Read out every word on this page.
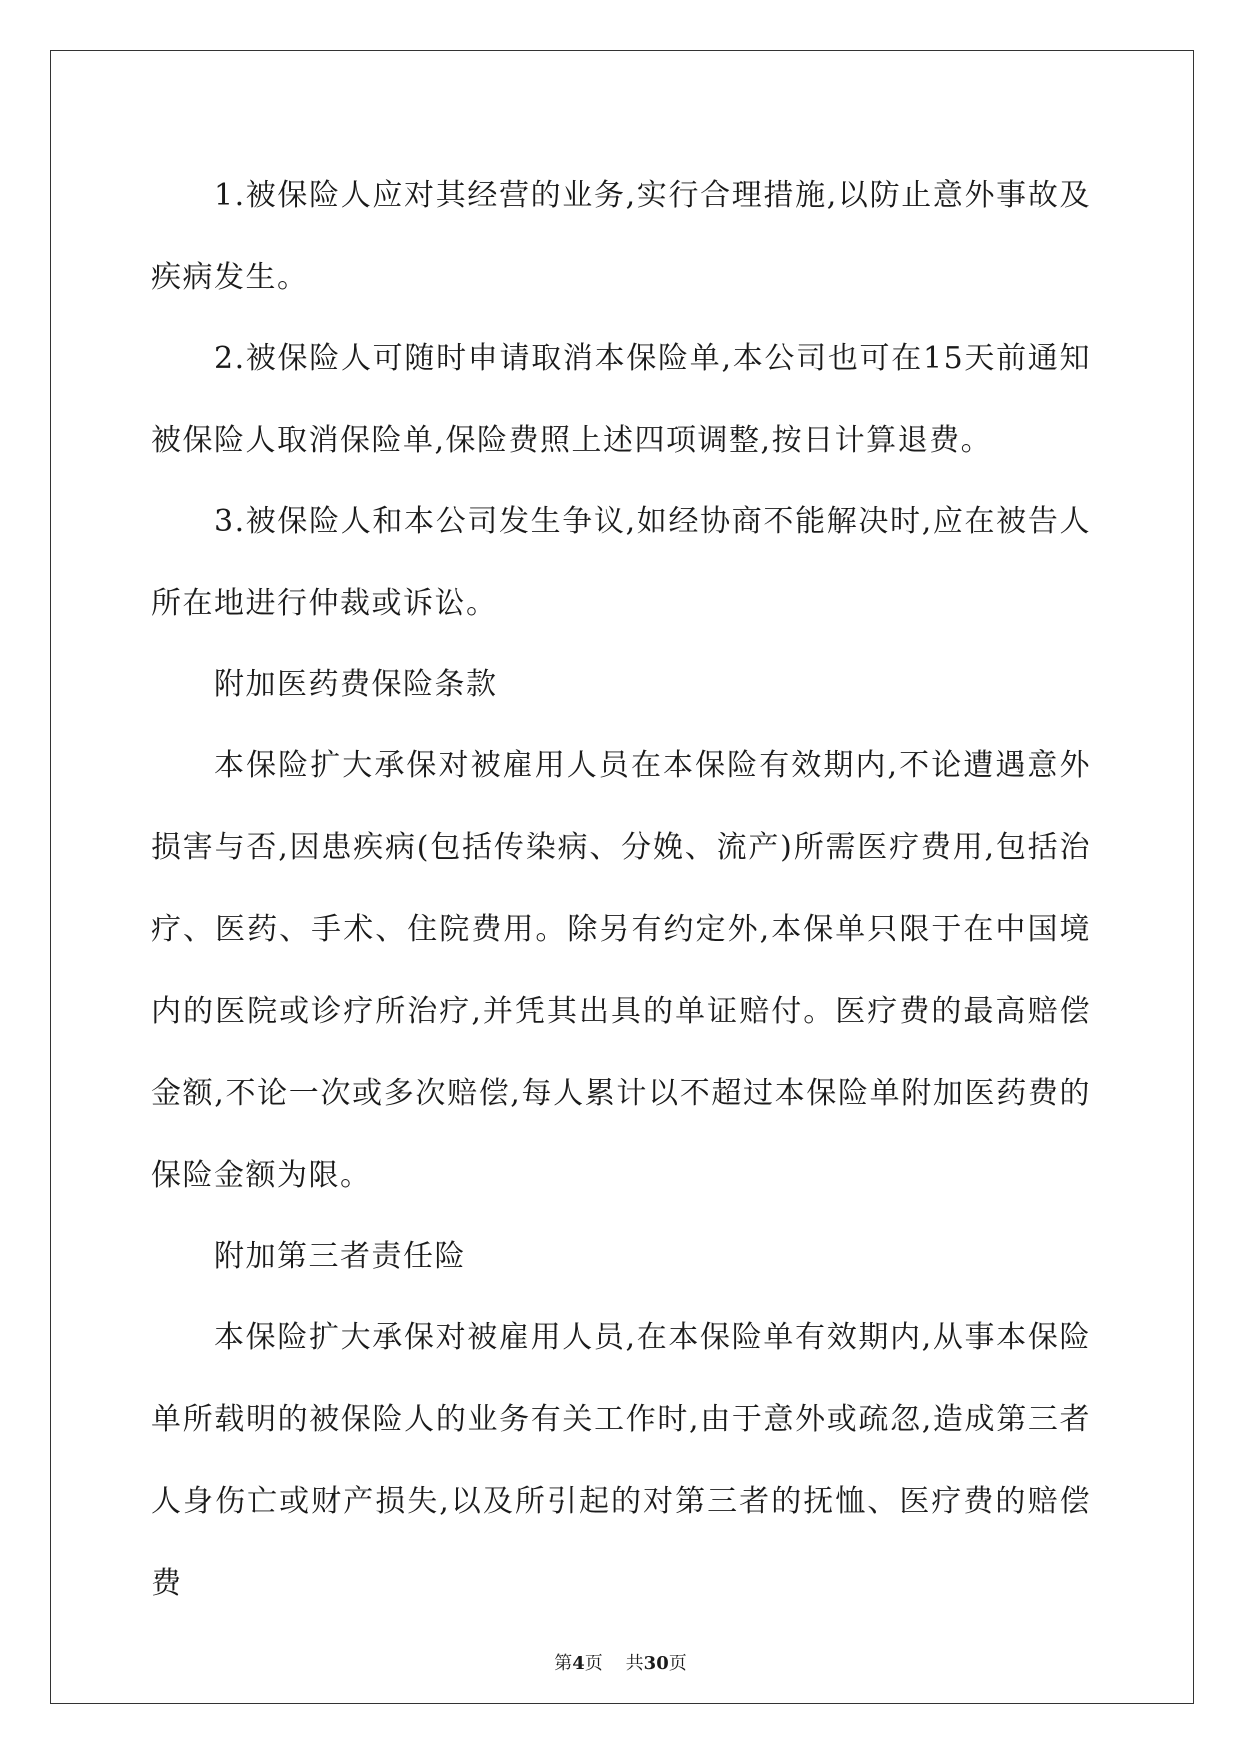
1.被保险人应对其经营的业务,实行合理措施,以防止意外事故及疾病发生。

2.被保险人可随时申请取消本保险单,本公司也可在15天前通知被保险人取消保险单,保险费照上述四项调整,按日计算退费。

3.被保险人和本公司发生争议,如经协商不能解决时,应在被告人所在地进行仲裁或诉讼。

附加医药费保险条款

本保险扩大承保对被雇用人员在本保险有效期内,不论遭遇意外损害与否,因患疾病(包括传染病、分娩、流产)所需医疗费用,包括治疗、医药、手术、住院费用。除另有约定外,本保单只限于在中国境内的医院或诊疗所治疗,并凭其出具的单证赔付。医疗费的最高赔偿金额,不论一次或多次赔偿,每人累计以不超过本保险单附加医药费的保险金额为限。

附加第三者责任险

本保险扩大承保对被雇用人员,在本保险单有效期内,从事本保险单所载明的被保险人的业务有关工作时,由于意外或疏忽,造成第三者人身伤亡或财产损失,以及所引起的对第三者的抚恤、医疗费的赔偿费

第4页 共30页
